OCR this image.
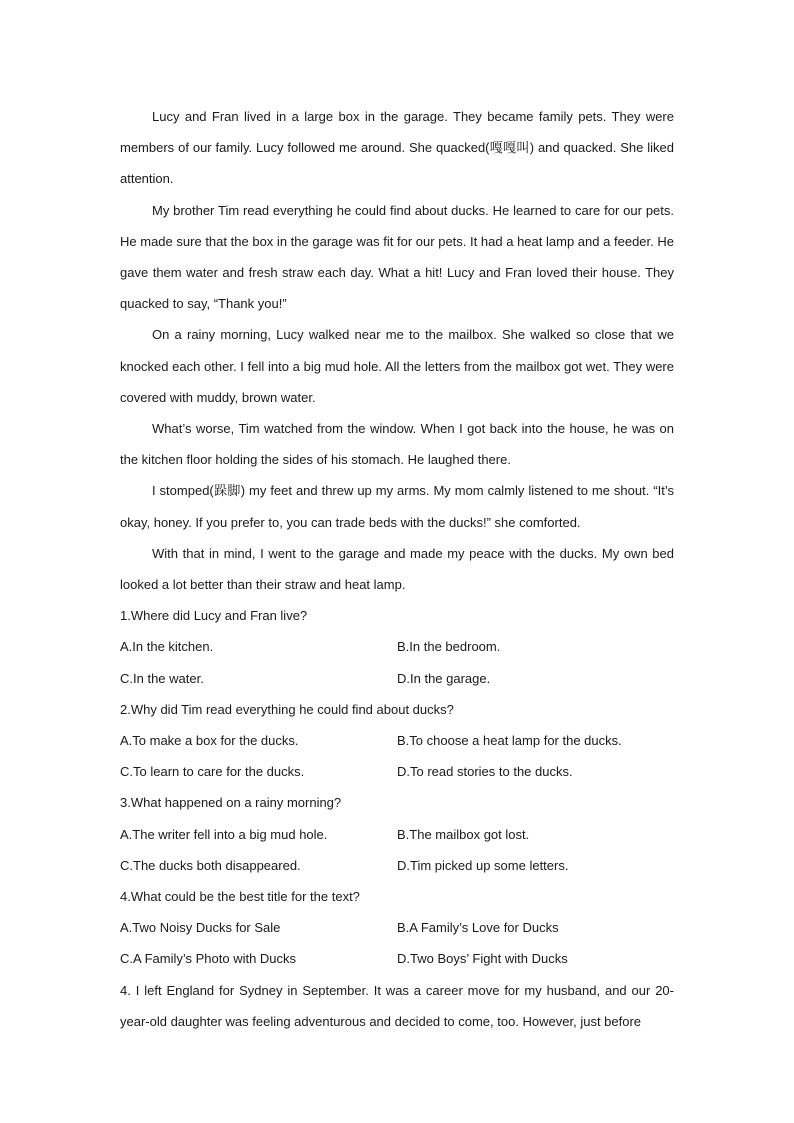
Lucy and Fran lived in a large box in the garage. They became family pets. They were members of our family. Lucy followed me around. She quacked(嘎嘎叫) and quacked. She liked attention.

My brother Tim read everything he could find about ducks. He learned to care for our pets. He made sure that the box in the garage was fit for our pets. It had a heat lamp and a feeder. He gave them water and fresh straw each day. What a hit! Lucy and Fran loved their house. They quacked to say, “Thank you!”

On a rainy morning, Lucy walked near me to the mailbox. She walked so close that we knocked each other. I fell into a big mud hole. All the letters from the mailbox got wet. They were covered with muddy, brown water.

What’s worse, Tim watched from the window. When I got back into the house, he was on the kitchen floor holding the sides of his stomach. He laughed there.

I stomped(跺脚) my feet and threw up my arms. My mom calmly listened to me shout. “It’s okay, honey. If you prefer to, you can trade beds with the ducks!” she comforted.

With that in mind, I went to the garage and made my peace with the ducks. My own bed looked a lot better than their straw and heat lamp.

1.Where did Lucy and Fran live?

A.In the kitchen.	B.In the bedroom.
C.In the water.	D.In the garage.

2.Why did Tim read everything he could find about ducks?

A.To make a box for the ducks.	B.To choose a heat lamp for the ducks.
C.To learn to care for the ducks.	D.To read stories to the ducks.

3.What happened on a rainy morning?

A.The writer fell into a big mud hole.	B.The mailbox got lost.
C.The ducks both disappeared.	D.Tim picked up some letters.

4.What could be the best title for the text?

A.Two Noisy Ducks for Sale	B.A Family’s Love for Ducks
C.A Family’s Photo with Ducks	D.Two Boys’ Fight with Ducks

4. I left England for Sydney in September. It was a career move for my husband, and our 20-year-old daughter was feeling adventurous and decided to come, too. However, just before
